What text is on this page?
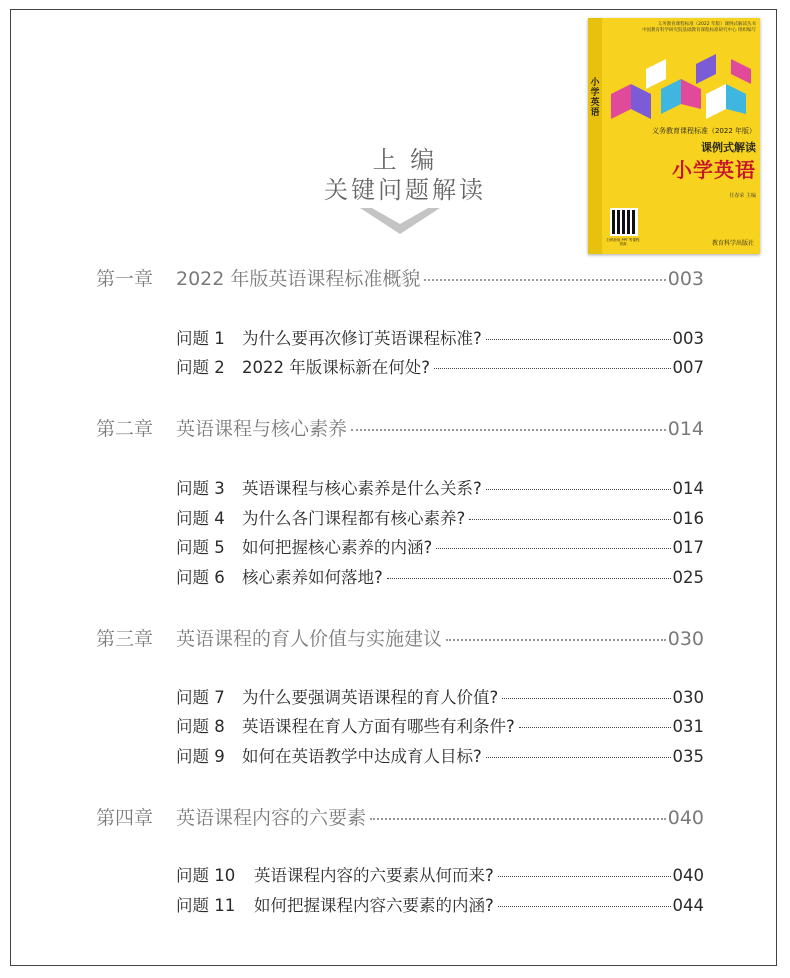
小学英语
义务教育课程标准（2022 年版）课例式解读丛书
中国教育科学研究院基础教育课程标准研究中心 组织编写
义务教育课程标准（2022 年版）
课例式解读
小学英语
任春荣 主编
扫码获取 PPT 等课程资源	教育科学出版社
上 编
关键问题解读
第一章	2022 年版英语课程标准概貌	003
问题 1	为什么要再次修订英语课程标准?	003
问题 2	2022 年版课标新在何处?	007
第二章	英语课程与核心素养	014
问题 3	英语课程与核心素养是什么关系?	014
问题 4	为什么各门课程都有核心素养?	016
问题 5	如何把握核心素养的内涵?	017
问题 6	核心素养如何落地?	025
第三章	英语课程的育人价值与实施建议	030
问题 7	为什么要强调英语课程的育人价值?	030
问题 8	英语课程在育人方面有哪些有利条件?	031
问题 9	如何在英语教学中达成育人目标?	035
第四章	英语课程内容的六要素	040
问题 10	英语课程内容的六要素从何而来?	040
问题 11	如何把握课程内容六要素的内涵?	044
